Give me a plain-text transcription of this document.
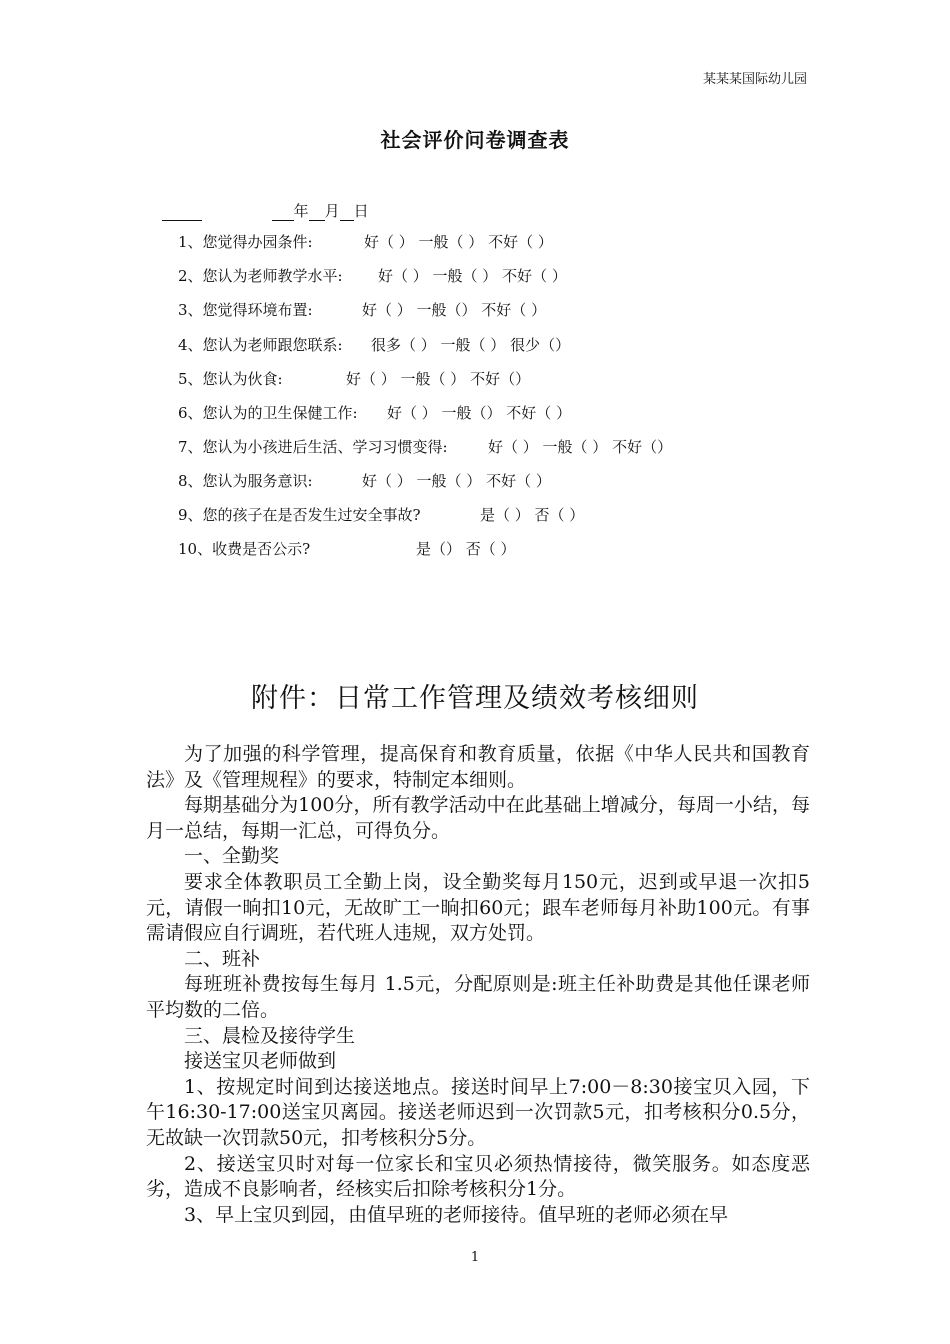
某某某国际幼儿园
社会评价问卷调查表
年 月 日
1、您觉得办园条件:	好（ ） 一般（ ） 不好（ ）
2、您认为老师教学水平: 好（ ） 一般（ ） 不好（ ）
3、您觉得环境布置:	好（ ） 一般（） 不好（ ）
4、您认为老师跟您联系: 很多（ ） 一般（ ） 很少（）
5、您认为伙食:	好（ ） 一般（ ） 不好（）
6、您认为的卫生保健工作: 好（ ） 一般（） 不好（ ）
7、您认为小孩进后生活、学习习惯变得:	好（ ） 一般（ ） 不好（）
8、您认为服务意识:	好（ ） 一般（ ） 不好（ ）
9、您的孩子在是否发生过安全事故?	是（ ） 否（ ）
10、收费是否公示?	是（） 否（ ）
附件：日常工作管理及绩效考核细则

为了加强的科学管理，提高保育和教育质量，依据《中华人民共和国教育法》及《管理规程》的要求，特制定本细则。

每期基础分为100分，所有教学活动中在此基础上增减分，每周一小结，每月一总结，每期一汇总，可得负分。

一、全勤奖

要求全体教职员工全勤上岗，设全勤奖每月150元，迟到或早退一次扣5元，请假一晌扣10元，无故旷工一晌扣60元；跟车老师每月补助100元。有事需请假应自行调班，若代班人违规，双方处罚。

二、班补

每班班补费按每生每月 1.5元，分配原则是:班主任补助费是其他任课老师平均数的二倍。

三、晨检及接待学生

接送宝贝老师做到

1、按规定时间到达接送地点。接送时间早上7:00－8:30接宝贝入园，下午16:30-17:00送宝贝离园。接送老师迟到一次罚款5元，扣考核积分0.5分，无故缺一次罚款50元，扣考核积分5分。

2、接送宝贝时对每一位家长和宝贝必须热情接待，微笑服务。如态度恶劣，造成不良影响者，经核实后扣除考核积分1分。

3、早上宝贝到园，由值早班的老师接待。值早班的老师必须在早

1
